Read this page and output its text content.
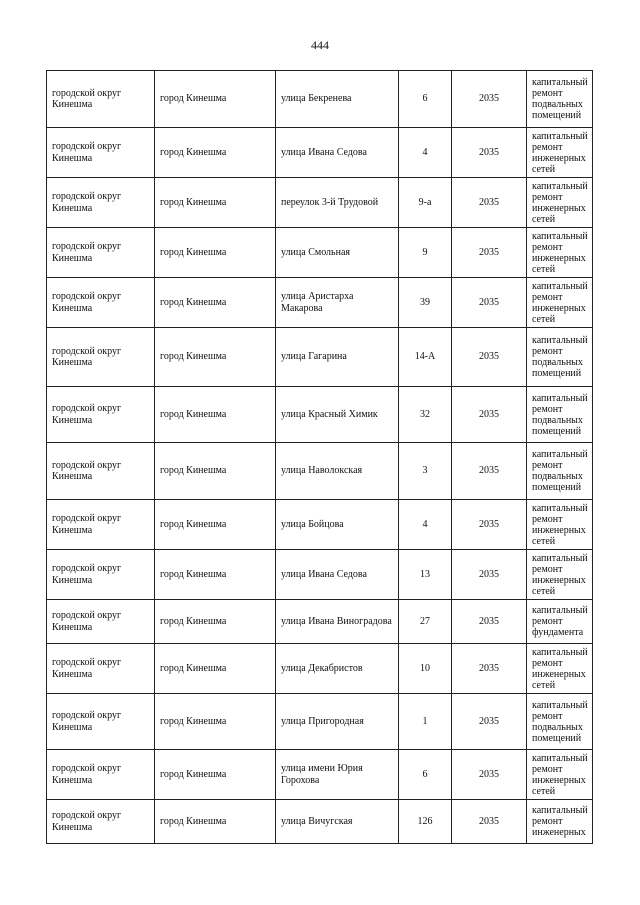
444
городской округ Кинешма	город Кинешма	улица Бекренева	6	2035	капитальный ремонт подвальных помещений
городской округ Кинешма	город Кинешма	улица Ивана Седова	4	2035	капитальный ремонт инженерных сетей
городской округ Кинешма	город Кинешма	переулок 3-й Трудовой	9-а	2035	капитальный ремонт инженерных сетей
городской округ Кинешма	город Кинешма	улица Смольная	9	2035	капитальный ремонт инженерных сетей
городской округ Кинешма	город Кинешма	улица Аристарха Макарова	39	2035	капитальный ремонт инженерных сетей
городской округ Кинешма	город Кинешма	улица Гагарина	14-А	2035	капитальный ремонт подвальных помещений
городской округ Кинешма	город Кинешма	улица Красный Химик	32	2035	капитальный ремонт подвальных помещений
городской округ Кинешма	город Кинешма	улица Наволокская	3	2035	капитальный ремонт подвальных помещений
городской округ Кинешма	город Кинешма	улица Бойцова	4	2035	капитальный ремонт инженерных сетей
городской округ Кинешма	город Кинешма	улица Ивана Седова	13	2035	капитальный ремонт инженерных сетей
городской округ Кинешма	город Кинешма	улица Ивана Виноградова	27	2035	капитальный ремонт фундамента
городской округ Кинешма	город Кинешма	улица Декабристов	10	2035	капитальный ремонт инженерных сетей
городской округ Кинешма	город Кинешма	улица Пригородная	1	2035	капитальный ремонт подвальных помещений
городской округ Кинешма	город Кинешма	улица имени Юрия Горохова	6	2035	капитальный ремонт инженерных сетей
городской округ Кинешма	город Кинешма	улица Вичугская	126	2035	капитальный ремонт инженерных
